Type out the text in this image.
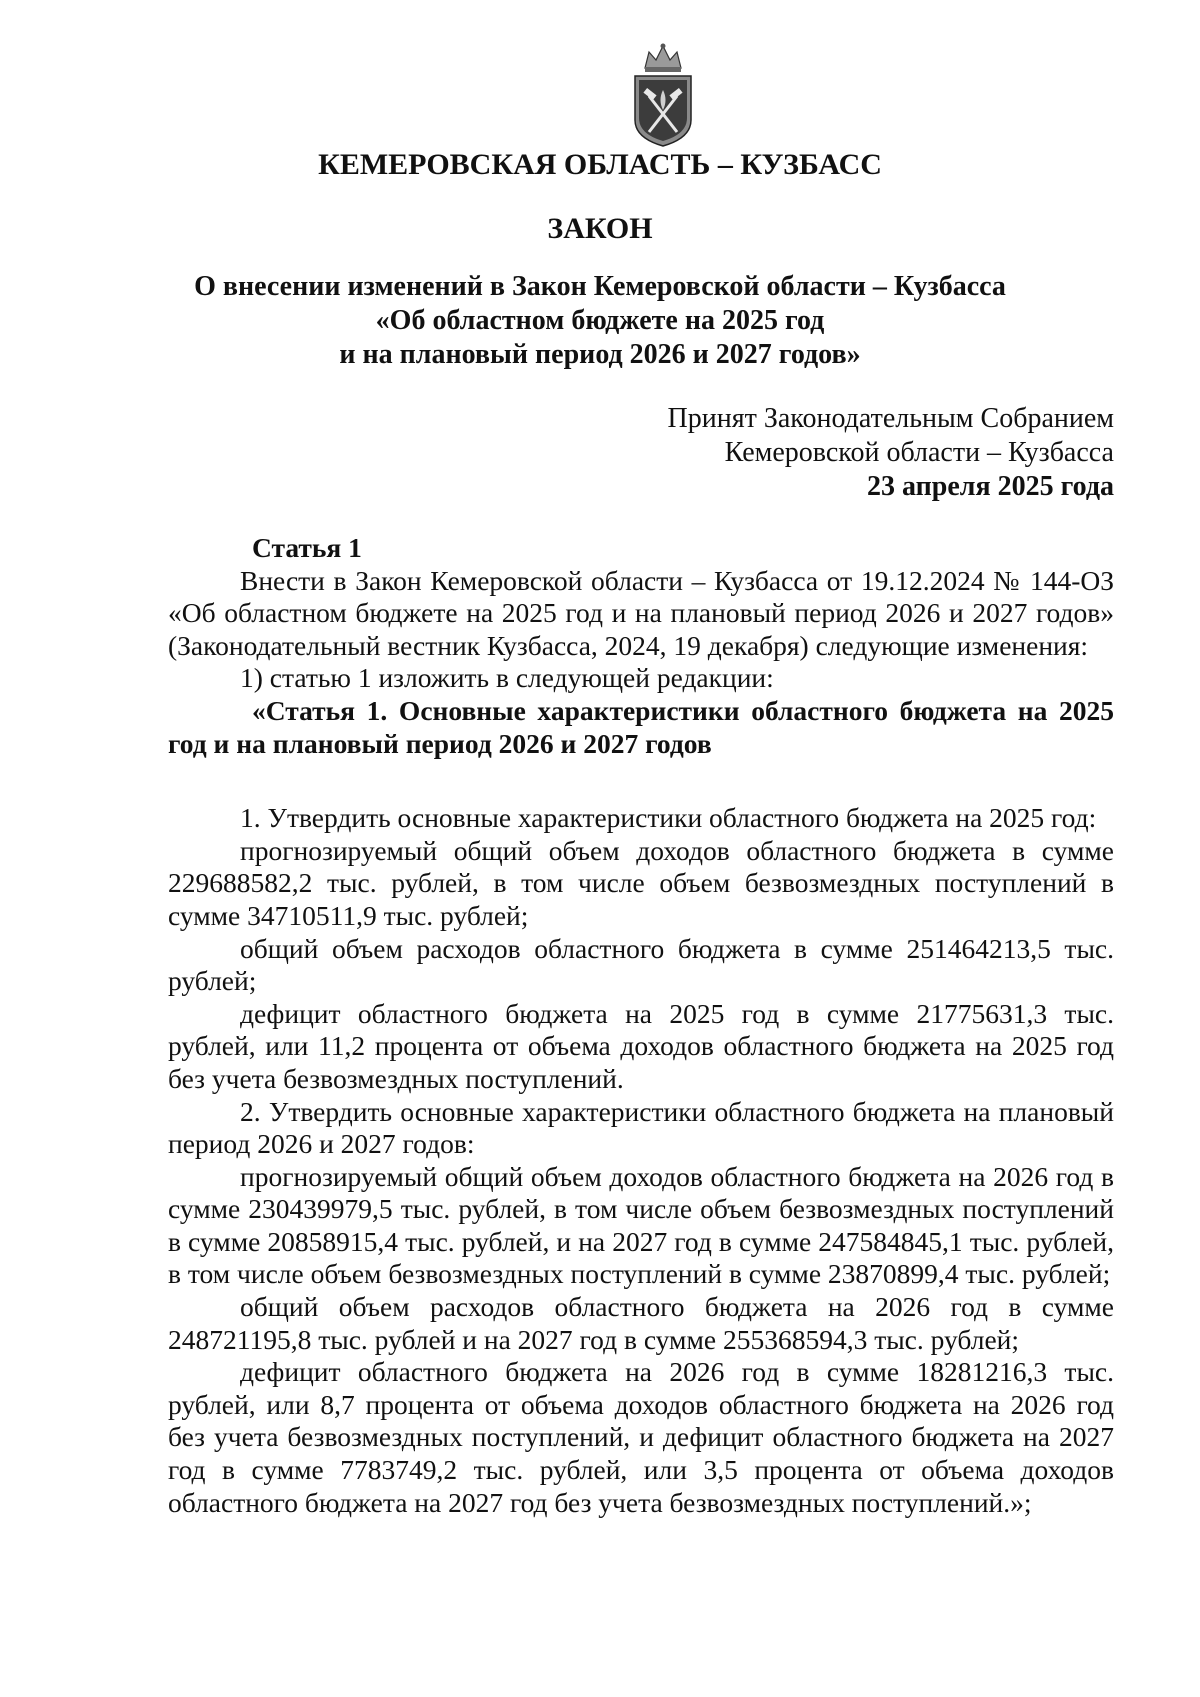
КЕМЕРОВСКАЯ ОБЛАСТЬ – КУЗБАСС
ЗАКОН
О внесении изменений в Закон Кемеровской области – Кузбасса
«Об областном бюджете на 2025 год
и на плановый период 2026 и 2027 годов»
Принят Законодательным Собранием
Кемеровской области – Кузбасса
23 апреля 2025 года

Статья 1

Внести в Закон Кемеровской области – Кузбасса от 19.12.2024 № 144-ОЗ «Об областном бюджете на 2025 год и на плановый период 2026 и 2027 годов» (Законодательный вестник Кузбасса, 2024, 19 декабря) следующие изменения:

1) статью 1 изложить в следующей редакции:

«Статья 1. Основные характеристики областного бюджета на 2025 год и на плановый период 2026 и 2027 годов

1. Утвердить основные характеристики областного бюджета на 2025 год:

прогнозируемый общий объем доходов областного бюджета в сумме 229688582,2 тыс. рублей, в том числе объем безвозмездных поступлений в сумме 34710511,9 тыс. рублей;

общий объем расходов областного бюджета в сумме 251464213,5 тыс. рублей;

дефицит областного бюджета на 2025 год в сумме 21775631,3 тыс. рублей, или 11,2 процента от объема доходов областного бюджета на 2025 год без учета безвозмездных поступлений.

2. Утвердить основные характеристики областного бюджета на плановый период 2026 и 2027 годов:

прогнозируемый общий объем доходов областного бюджета на 2026 год в сумме 230439979,5 тыс. рублей, в том числе объем безвозмездных поступлений в сумме 20858915,4 тыс. рублей, и на 2027 год в сумме 247584845,1 тыс. рублей, в том числе объем безвозмездных поступлений в сумме 23870899,4 тыс. рублей;

общий объем расходов областного бюджета на 2026 год в сумме 248721195,8 тыс. рублей и на 2027 год в сумме 255368594,3 тыс. рублей;

дефицит областного бюджета на 2026 год в сумме 18281216,3 тыс. рублей, или 8,7 процента от объема доходов областного бюджета на 2026 год без учета безвозмездных поступлений, и дефицит областного бюджета на 2027 год в сумме 7783749,2 тыс. рублей, или 3,5 процента от объема доходов областного бюджета на 2027 год без учета безвозмездных поступлений.»;
